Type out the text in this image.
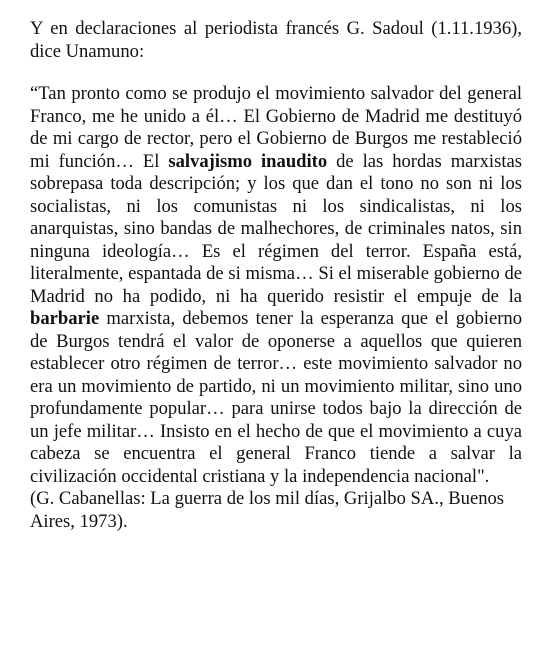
Y en declaraciones al periodista francés G. Sadoul (1.11.1936), dice Unamuno:

“Tan pronto como se produjo el movimiento salvador del general Franco, me he unido a él… El Gobierno de Madrid me destituyó de mi cargo de rector, pero el Gobierno de Burgos me restableció mi función… El salvajismo inaudito de las hordas marxistas sobrepasa toda descripción; y los que dan el tono no son ni los socialistas, ni los comunistas ni los sindicalistas, ni los anarquistas, sino bandas de malhechores, de criminales natos, sin ninguna ideología… Es el régimen del terror. España está, literalmente, espantada de si misma… Si el miserable gobierno de Madrid no ha podido, ni ha querido resistir el empuje de la barbarie marxista, debemos tener la esperanza que el gobierno de Burgos tendrá el valor de oponerse a aquellos que quieren establecer otro régimen de terror… este movimiento salvador no era un movimiento de partido, ni un movimiento militar, sino uno profundamente popular… para unirse todos bajo la dirección de un jefe militar… Insisto en el hecho de que el movimiento a cuya cabeza se encuentra el general Franco tiende a salvar la civilización occidental cristiana y la independencia nacional".

(G. Cabanellas: La guerra de los mil días, Grijalbo SA., Buenos Aires, 1973).
